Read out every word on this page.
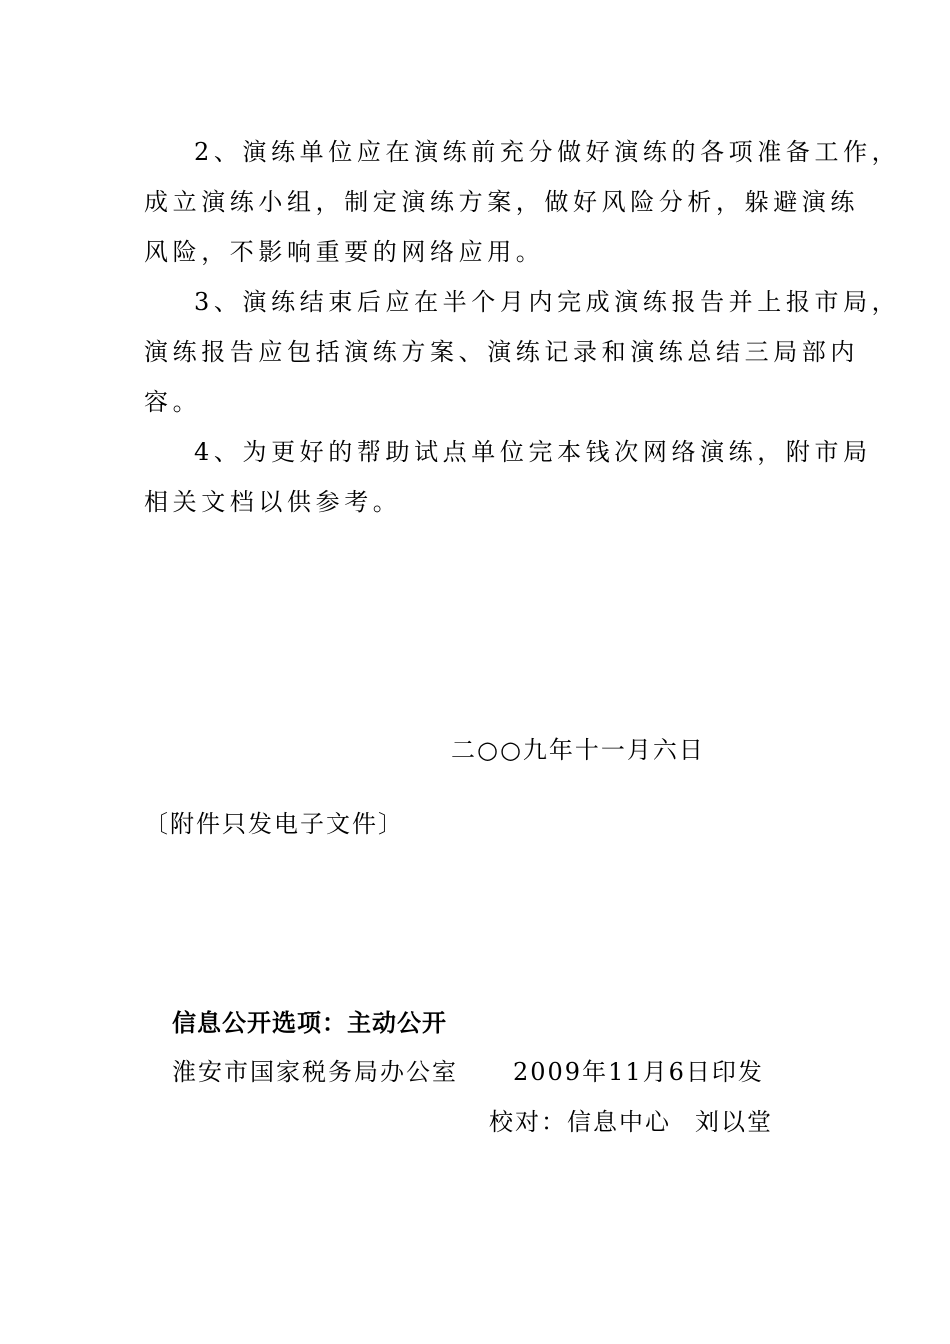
2、演练单位应在演练前充分做好演练的各项准备工作，
成立演练小组，制定演练方案，做好风险分析，躲避演练
风险，不影响重要的网络应用。
3、演练结束后应在半个月内完成演练报告并上报市局，
演练报告应包括演练方案、演练记录和演练总结三局部内
容。
4、为更好的帮助试点单位完本钱次网络演练，附市局
相关文档以供参考。
二○○九年十一月六日
〔附件只发电子文件〕
信息公开选项：主动公开
淮安市国家税务局办公室 2009年11月6日印发
校对：信息中心 刘以堂
